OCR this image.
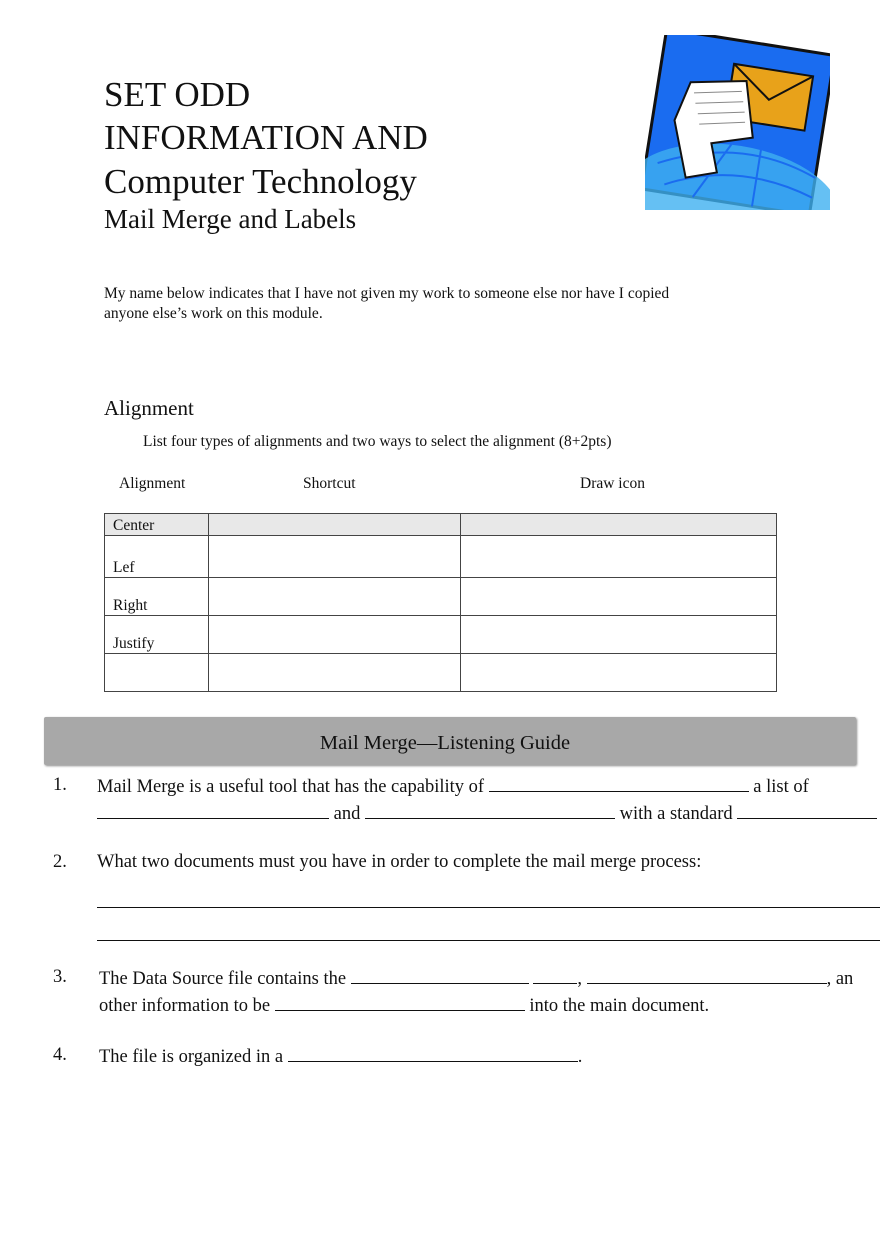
SET ODD
INFORMATION AND
Computer Technology
Mail Merge and Labels
My name below indicates that I have not given my work to someone else nor have I copied
anyone else’s work on this module.
Alignment
List four types of alignments and two ways to select the alignment (8+2pts)
Alignment	Shortcut	Draw icon
Center		
Lef		
Right		
Justify		

Mail Merge—Listening Guide
1. Mail Merge is a useful tool that has the capability of	a list of
and	with a standard
2. What two documents must you have in order to complete the mail merge process:
3. The Data Source file contains the	,	, an
other information to be	into the main document.
4. The file is organized in a	.
